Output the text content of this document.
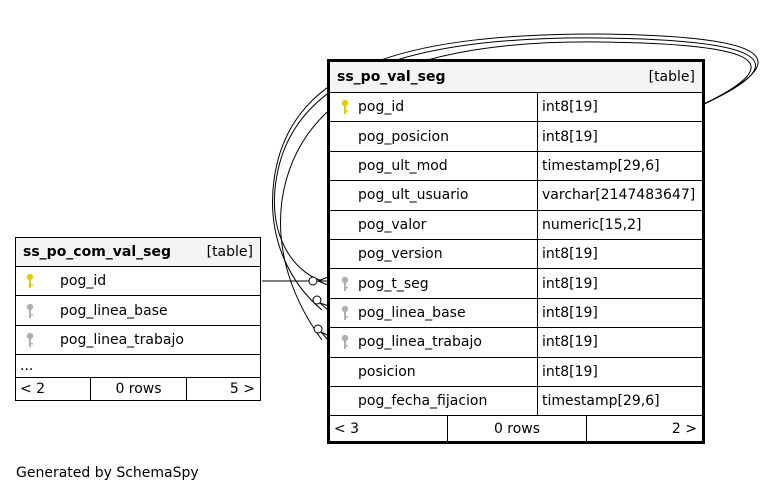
ss_po_com_val_seg	[table]
pog_id
pog_linea_base
pog_linea_trabajo
...
< 2	0 rows	5 >
ss_po_val_seg	[table]
pog_id	int8[19]
pog_posicion	int8[19]
pog_ult_mod	timestamp[29,6]
pog_ult_usuario	varchar[2147483647]
pog_valor	numeric[15,2]
pog_version	int8[19]
pog_t_seg	int8[19]
pog_linea_base	int8[19]
pog_linea_trabajo	int8[19]
posicion	int8[19]
pog_fecha_fijacion	timestamp[29,6]
< 3	0 rows	2 >
Generated by SchemaSpy
